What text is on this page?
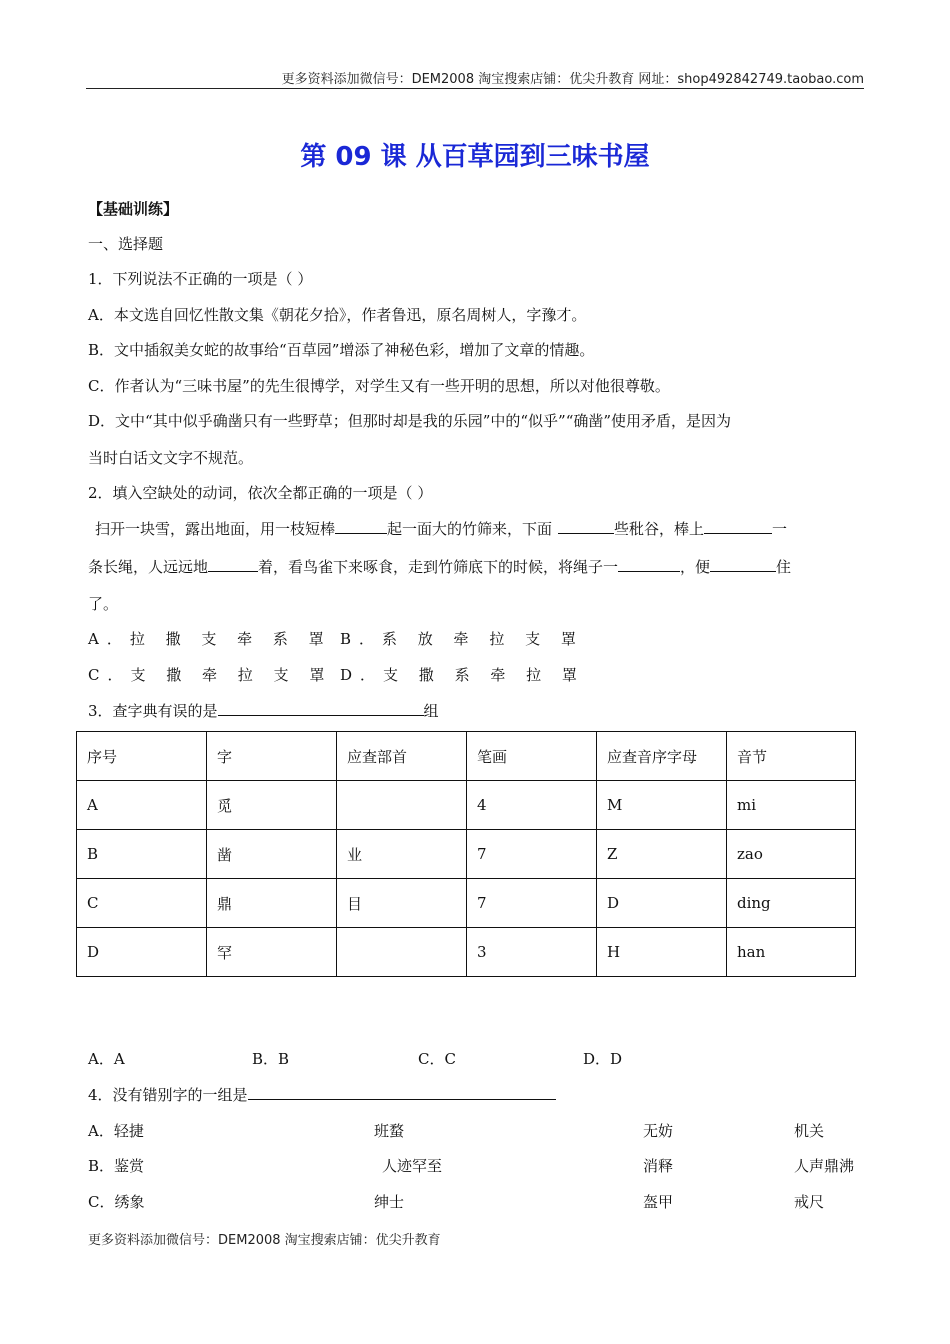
更多资料添加微信号：DEM2008 淘宝搜索店铺：优尖升教育 网址：shop492842749.taobao.com
第 09 课 从百草园到三味书屋
【基础训练】
一、选择题
1．下列说法不正确的一项是（ ）
A．本文选自回忆性散文集《朝花夕拾》，作者鲁迅，原名周树人，字豫才。
B．文中插叙美女蛇的故事给“百草园”增添了神秘色彩，增加了文章的情趣。
C．作者认为“三味书屋”的先生很博学，对学生又有一些开明的思想，所以对他很尊敬。
D．文中“其中似乎确凿只有一些野草；但那时却是我的乐园”中的“似乎”“确凿”使用矛盾，是因为
当时白话文文字不规范。
2．填入空缺处的动词，依次全都正确的一项是（ ）
扫开一块雪，露出地面，用一枝短棒	起一面大的竹筛来，下面	些秕谷，棒上	一
条长绳，人远远地	着，看鸟雀下来啄食，走到竹筛底下的时候，将绳子一	，便	住
了。
A．拉 撒 支 牵 系 罩 B．系 放 牵 拉 支 罩
C．支 撒 牵 拉 支 罩 D．支 撒 系 牵 拉 罩
3．查字典有误的是	组
序号	字	应查部首	笔画	应查音序字母	音节
A	觅		4	M	mi
B	凿	业	7	Z	zao
C	鼎	目	7	D	ding
D	罕		3	H	han
A．A	B．B	C．C	D．D
4．没有错别字的一组是
A．轻捷	班蝥	无妨	机关
B．鉴赏	人迹罕至	消释	人声鼎沸
C．绣象	绅士	盔甲	戒尺
更多资料添加微信号：DEM2008 淘宝搜索店铺：优尖升教育
